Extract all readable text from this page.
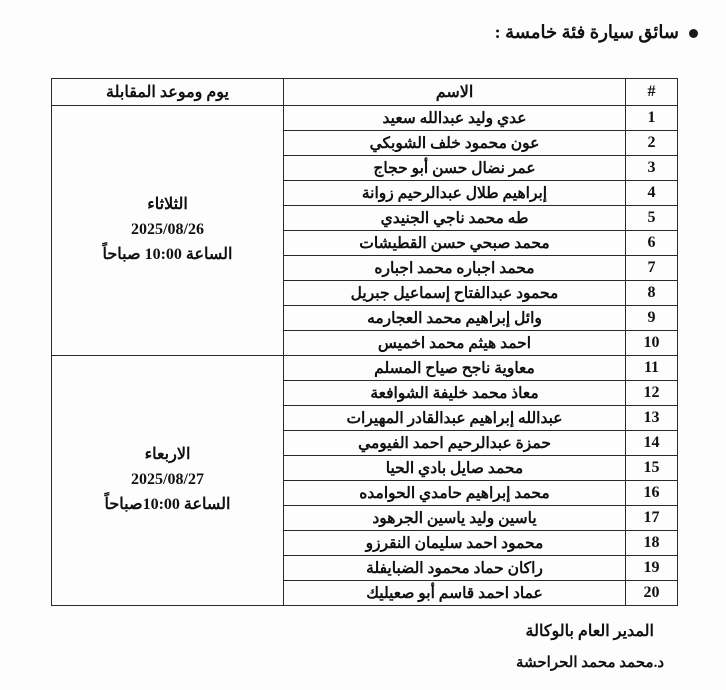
سائق سيارة فئة خامسة :
#	الاسم	يوم وموعد المقابلة
1	عدي وليد عبدالله سعيد	الثلاثاء
2025/08/26
الساعة 10:00 صباحاً

2	عون محمود خلف الشوبكي	
3	عمر نضال حسن أبو حجاج	
4	إبراهيم طلال عبدالرحيم زوانة	
5	طه محمد ناجي الجنيدي	
6	محمد صبحي حسن القطيشات	
7	محمد اجباره محمد اجباره	
8	محمود عبدالفتاح إسماعيل جبريل	
9	وائل إبراهيم محمد العجارمه	
10	احمد هيثم محمد اخميس	
11	معاوية ناجح صياح المسلم	الاربعاء
2025/08/27
الساعة 10:00صباحاً

12	معاذ محمد خليفة الشوافعة	
13	عبدالله إبراهيم عبدالقادر المهيرات	
14	حمزة عبدالرحيم احمد الفيومي	
15	محمد صايل بادي الحيا	
16	محمد إبراهيم حامدي الحوامده	
17	ياسين وليد ياسين الجرهود	
18	محمود احمد سليمان النقرزو	
19	راكان حماد محمود الضبايفلة	
20	عماد احمد قاسم أبو صعيليك	
المدير العام بالوكالة
د.محمد محمد الحراحشة
